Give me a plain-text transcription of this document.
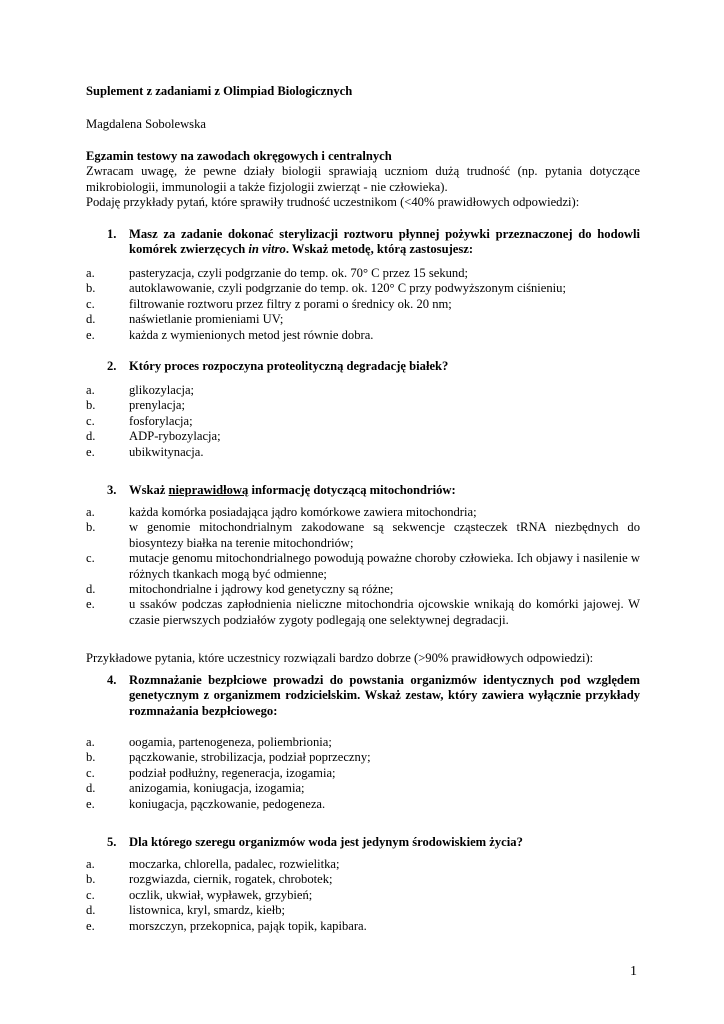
Suplement z zadaniami z Olimpiad Biologicznych
Magdalena Sobolewska
Egzamin testowy na zawodach okręgowych i centralnych
Zwracam uwagę, że pewne działy biologii sprawiają uczniom dużą trudność (np. pytania dotyczące mikrobiologii, immunologii a także fizjologii zwierząt - nie człowieka).
Podaję przykłady pytań, które sprawiły trudność uczestnikom (<40% prawidłowych odpowiedzi):
1. Masz za zadanie dokonać sterylizacji roztworu płynnej pożywki przeznaczonej do hodowli komórek zwierzęcych in vitro. Wskaż metodę, którą zastosujesz:
a.	pasteryzacja, czyli podgrzanie do temp. ok. 70° C przez 15 sekund;
b.	autoklawowanie, czyli podgrzanie do temp. ok. 120° C przy podwyższonym ciśnieniu;
c.	filtrowanie roztworu przez filtry z porami o średnicy ok. 20 nm;
d.	naświetlanie promieniami UV;
e.	każda z wymienionych metod jest równie dobra.
2. Który proces rozpoczyna proteolityczną degradację białek?
a.	glikozylacja;
b.	prenylacja;
c.	fosforylacja;
d.	ADP-rybozylacja;
e.	ubikwitynacja.
3. Wskaż nieprawidłową informację dotyczącą mitochondriów:
a.	każda komórka posiadająca jądro komórkowe zawiera mitochondria;
b.	w genomie mitochondrialnym zakodowane są sekwencje cząsteczek tRNA niezbędnych do biosyntezy białka na terenie mitochondriów;
c.	mutacje genomu mitochondrialnego powodują poważne choroby człowieka. Ich objawy i nasilenie w różnych tkankach mogą być odmienne;
d.	mitochondrialne i jądrowy kod genetyczny są różne;
e.	u ssaków podczas zapłodnienia nieliczne mitochondria ojcowskie wnikają do komórki jajowej. W czasie pierwszych podziałów zygoty podlegają one selektywnej degradacji.
Przykładowe pytania, które uczestnicy rozwiązali bardzo dobrze (>90% prawidłowych odpowiedzi):
4. Rozmnażanie bezpłciowe prowadzi do powstania organizmów identycznych pod względem genetycznym z organizmem rodzicielskim. Wskaż zestaw, który zawiera wyłącznie przykłady rozmnażania bezpłciowego:
a.	oogamia, partenogeneza, poliembrionia;
b.	pączkowanie, strobilizacja, podział poprzeczny;
c.	podział podłużny, regeneracja, izogamia;
d.	anizogamia, koniugacja, izogamia;
e.	koniugacja, pączkowanie, pedogeneza.
5. Dla którego szeregu organizmów woda jest jedynym środowiskiem życia?
a.	moczarka, chlorella, padalec, rozwielitka;
b.	rozgwiazda, ciernik, rogatek, chrobotek;
c.	oczlik, ukwiał, wypławek, grzybień;
d.	listownica, kryl, smardz, kiełb;
e.	morszczyn, przekopnica, pająk topik, kapibara.
1
